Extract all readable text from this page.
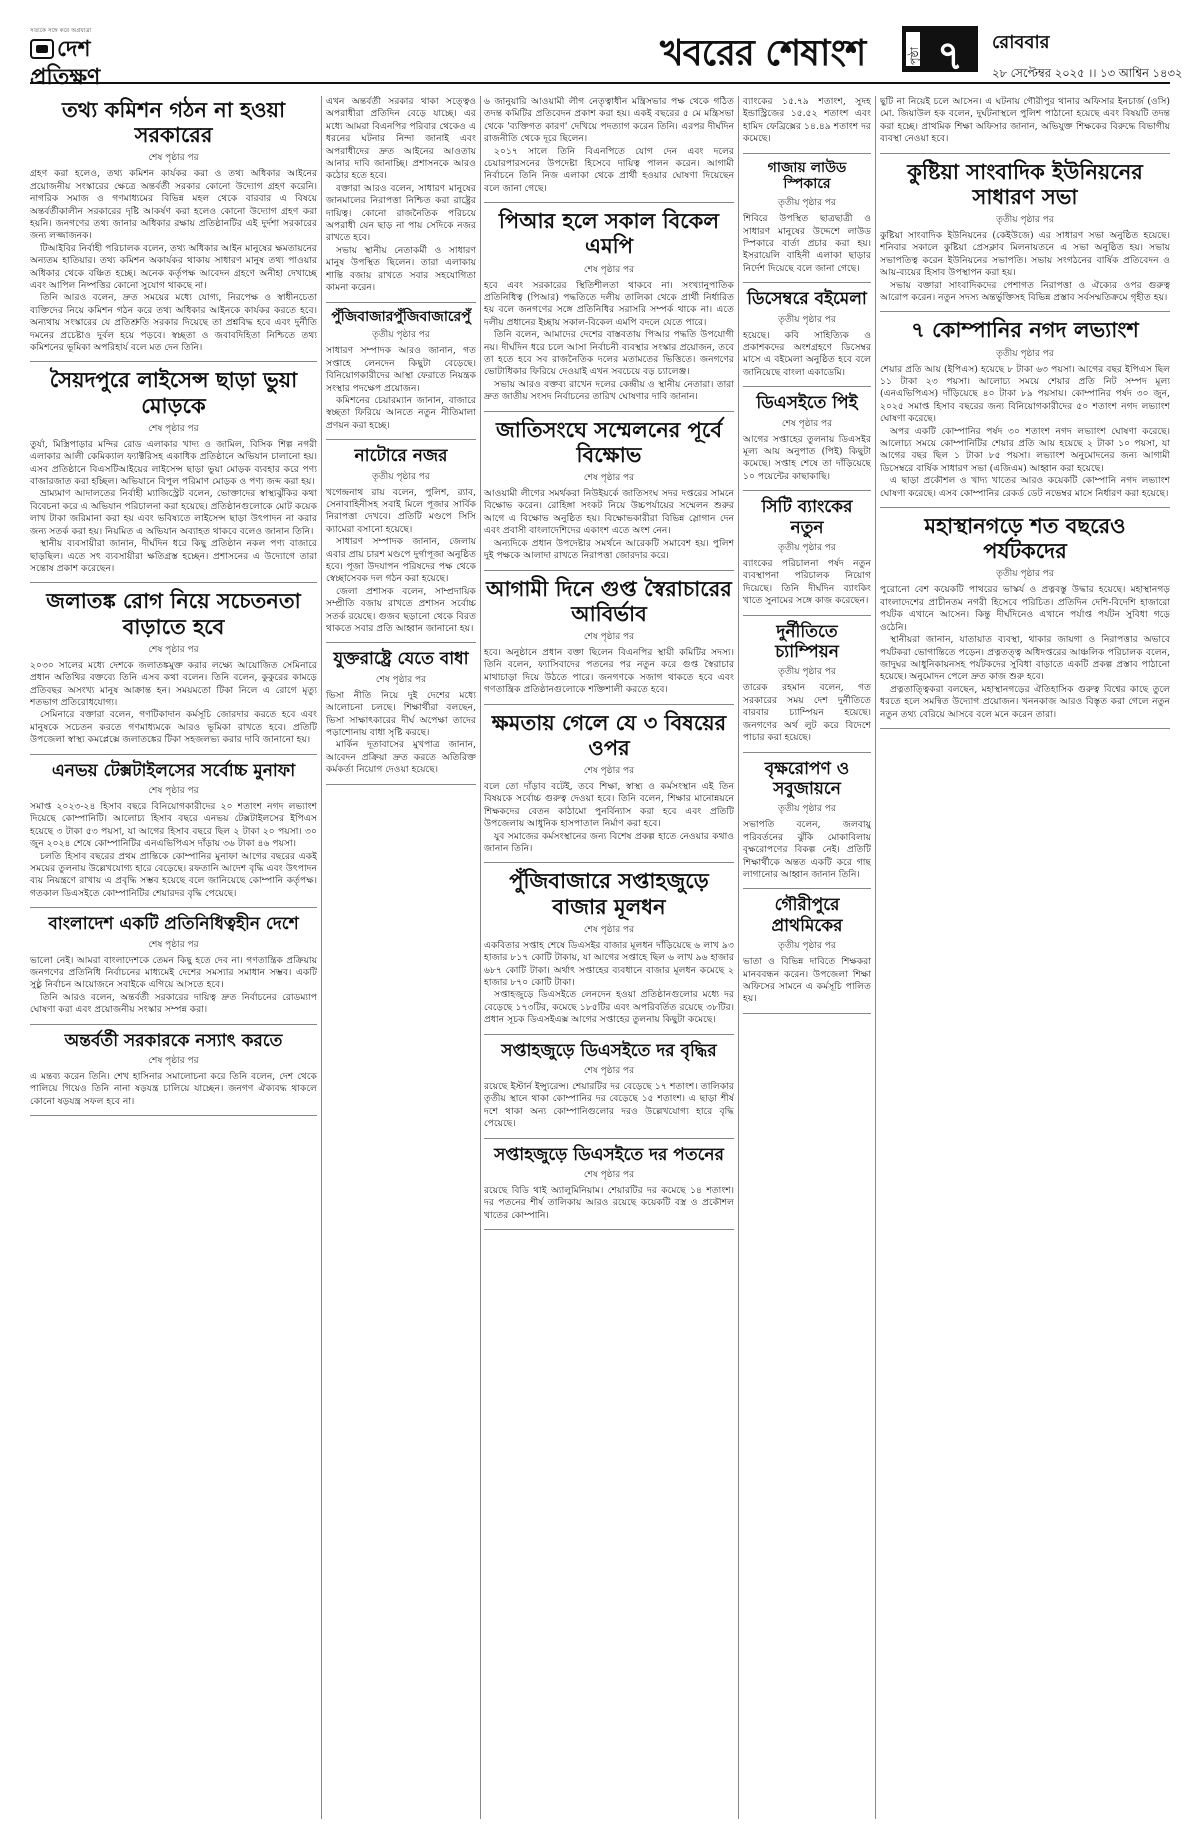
সত্যকে সঙ্গে করে অগ্রযাত্রা
দেশ প্রতিক্ষণ
খবরের শেষাংশ	পৃষ্ঠা ৭	রোববার
২৮ সেপ্টেম্বর ২০২৫ ।। ১৩ আশ্বিন ১৪৩২
তথ্য কমিশন গঠন না হওয়া সরকারের
শেষ পৃষ্ঠার পর

গ্রহণ করা হলেও, তথ্য কমিশন কার্যকর করা ও তথ্য অধিকার আইনের প্রয়োজনীয় সংস্কারের ক্ষেত্রে অন্তর্বর্তী সরকার কোনো উদ্যোগ গ্রহণ করেনি। নাগরিক সমাজ ও গণমাধ্যমের বিভিন্ন মহল থেকে বারবার এ বিষয়ে অন্তর্বর্তীকালীন সরকারের দৃষ্টি আকর্ষণ করা হলেও কোনো উদ্যোগ গ্রহণ করা হয়নি। জনগণের তথ্য জানার অধিকার রক্ষায় প্রতিষ্ঠানটির এই দুর্দশা সরকারের জন্য লজ্জাজনক।

টিআইবির নির্বাহী পরিচালক বলেন, তথ্য অধিকার আইন মানুষের ক্ষমতায়নের অন্যতম হাতিয়ার। তথ্য কমিশন অকার্যকর থাকায় সাধারণ মানুষ তথ্য পাওয়ার অধিকার থেকে বঞ্চিত হচ্ছে। অনেক কর্তৃপক্ষ আবেদন গ্রহণে অনীহা দেখাচ্ছে এবং আপিল নিষ্পত্তির কোনো সুযোগ থাকছে না।

তিনি আরও বলেন, দ্রুত সময়ের মধ্যে যোগ্য, নিরপেক্ষ ও স্বাধীনচেতা ব্যক্তিদের নিয়ে কমিশন গঠন করে তথ্য অধিকার আইনকে কার্যকর করতে হবে। অন্যথায় সংস্কারের যে প্রতিশ্রুতি সরকার দিয়েছে তা প্রশ্নবিদ্ধ হবে এবং দুর্নীতি দমনের প্রচেষ্টাও দুর্বল হয়ে পড়বে। স্বচ্ছতা ও জবাবদিহিতা নিশ্চিতে তথ্য কমিশনের ভূমিকা অপরিহার্য বলে মত দেন তিনি।

সৈয়দপুরে লাইসেন্স ছাড়া ভুয়া মোড়কে
শেষ পৃষ্ঠার পর

তুর্যা, মিস্ত্রিপাড়ার মন্দির রোড এলাকার খাদ্য ও জামিল, বিসিক শিল্প নগরী এলাকার আলী কেমিক্যাল ফ্যাক্টরিসহ একাধিক প্রতিষ্ঠানে অভিযান চালানো হয়। এসব প্রতিষ্ঠানে বিএসটিআইয়ের লাইসেন্স ছাড়া ভুয়া মোড়ক ব্যবহার করে পণ্য বাজারজাত করা হচ্ছিল। অভিযানে বিপুল পরিমাণ মোড়ক ও পণ্য জব্দ করা হয়।

ভ্রাম্যমাণ আদালতের নির্বাহী ম্যাজিস্ট্রেট বলেন, ভোক্তাদের স্বাস্থ্যঝুঁকির কথা বিবেচনা করে এ অভিযান পরিচালনা করা হয়েছে। প্রতিষ্ঠানগুলোকে মোট কয়েক লাখ টাকা জরিমানা করা হয় এবং ভবিষ্যতে লাইসেন্স ছাড়া উৎপাদন না করার জন্য সতর্ক করা হয়। নিয়মিত এ অভিযান অব্যাহত থাকবে বলেও জানান তিনি।

স্থানীয় ব্যবসায়ীরা জানান, দীর্ঘদিন ধরে কিছু প্রতিষ্ঠান নকল পণ্য বাজারে ছাড়ছিল। এতে সৎ ব্যবসায়ীরা ক্ষতিগ্রস্ত হচ্ছেন। প্রশাসনের এ উদ্যোগে তারা সন্তোষ প্রকাশ করেছেন।

জলাতঙ্ক রোগ নিয়ে সচেতনতা বাড়াতে হবে
শেষ পৃষ্ঠার পর

২০৩০ সালের মধ্যে দেশকে জলাতঙ্কমুক্ত করার লক্ষ্যে আয়োজিত সেমিনারে প্রধান অতিথির বক্তব্যে তিনি এসব কথা বলেন। তিনি বলেন, কুকুরের কামড়ে প্রতিবছর অসংখ্য মানুষ আক্রান্ত হন। সময়মতো টিকা নিলে এ রোগে মৃত্যু শতভাগ প্রতিরোধযোগ্য।

সেমিনারে বক্তারা বলেন, গণটিকাদান কর্মসূচি জোরদার করতে হবে এবং মানুষকে সচেতন করতে গণমাধ্যমকে আরও ভূমিকা রাখতে হবে। প্রতিটি উপজেলা স্বাস্থ্য কমপ্লেক্সে জলাতঙ্কের টিকা সহজলভ্য করার দাবি জানানো হয়।

এনভয় টেক্সটাইলসের সর্বোচ্চ মুনাফা
শেষ পৃষ্ঠার পর

সমাপ্ত ২০২৩-২৪ হিসাব বছরে বিনিয়োগকারীদের ২০ শতাংশ নগদ লভ্যাংশ দিয়েছে কোম্পানিটি। আলোচ্য হিসাব বছরে এনভয় টেক্সটাইলসের ইপিএস হয়েছে ৩ টাকা ৫৩ পয়সা, যা আগের হিসাব বছরে ছিল ২ টাকা ২০ পয়সা। ৩০ জুন ২০২৪ শেষে কোম্পানিটির এনএভিপিএস দাঁড়ায় ৩৬ টাকা ৪৬ পয়সা।

চলতি হিসাব বছরের প্রথম প্রান্তিকে কোম্পানির মুনাফা আগের বছরের একই সময়ের তুলনায় উল্লেখযোগ্য হারে বেড়েছে। রফতানি আদেশ বৃদ্ধি এবং উৎপাদন ব্যয় নিয়ন্ত্রণে রাখায় এ প্রবৃদ্ধি সম্ভব হয়েছে বলে জানিয়েছে কোম্পানি কর্তৃপক্ষ। গতকাল ডিএসইতে কোম্পানিটির শেয়ারদর বৃদ্ধি পেয়েছে।

বাংলাদেশ একটি প্রতিনিধিত্বহীন দেশে
শেষ পৃষ্ঠার পর

ভালো নেই। আমরা বাংলাদেশকে তেমন কিছু হতে দেব না। গণতান্ত্রিক প্রক্রিয়ায় জনগণের প্রতিনিধি নির্বাচনের মাধ্যমেই দেশের সমস্যার সমাধান সম্ভব। একটি সুষ্ঠু নির্বাচন আয়োজনে সবাইকে এগিয়ে আসতে হবে।

তিনি আরও বলেন, অন্তর্বর্তী সরকারের দায়িত্ব দ্রুত নির্বাচনের রোডম্যাপ ঘোষণা করা এবং প্রয়োজনীয় সংস্কার সম্পন্ন করা।

অন্তর্বর্তী সরকারকে নস্যাৎ করতে
শেষ পৃষ্ঠার পর

এ মন্তব্য করেন তিনি। শেখ হাসিনার সমালোচনা করে তিনি বলেন, দেশ থেকে পালিয়ে গিয়েও তিনি নানা ষড়যন্ত্র চালিয়ে যাচ্ছেন। জনগণ ঐক্যবদ্ধ থাকলে কোনো ষড়যন্ত্র সফল হবে না।

এখন অন্তর্বর্তী সরকার থাকা সত্ত্বেও অপরাধীরা প্রতিদিন বেড়ে যাচ্ছে। এর মধ্যে আমরা বিএনপির পরিবার থেকেও এ ধরনের ঘটনার নিন্দা জানাই এবং অপরাধীদের দ্রুত আইনের আওতায় আনার দাবি জানাচ্ছি। প্রশাসনকে আরও কঠোর হতে হবে।

বক্তারা আরও বলেন, সাধারণ মানুষের জানমালের নিরাপত্তা নিশ্চিত করা রাষ্ট্রের দায়িত্ব। কোনো রাজনৈতিক পরিচয়ে অপরাধী যেন ছাড় না পায় সেদিকে নজর রাখতে হবে।

সভায় স্থানীয় নেতাকর্মী ও সাধারণ মানুষ উপস্থিত ছিলেন। তারা এলাকায় শান্তি বজায় রাখতে সবার সহযোগিতা কামনা করেন।

পুঁজিবাজারপুঁজিবাজারেপুঁ
তৃতীয় পৃষ্ঠার পর

সাধারণ সম্পাদক আরও জানান, গত সপ্তাহে লেনদেন কিছুটা বেড়েছে। বিনিয়োগকারীদের আস্থা ফেরাতে নিয়ন্ত্রক সংস্থার পদক্ষেপ প্রয়োজন।

কমিশনের চেয়ারম্যান জানান, বাজারে স্বচ্ছতা ফিরিয়ে আনতে নতুন নীতিমালা প্রণয়ন করা হচ্ছে।

নাটোরে নজর
তৃতীয় পৃষ্ঠার পর

খগেন্দ্রনাথ রায় বলেন, পুলিশ, র‍্যাব, সেনাবাহিনীসহ সবাই মিলে পূজার সার্বিক নিরাপত্তা দেখবে। প্রতিটি মণ্ডপে সিসি ক্যামেরা বসানো হয়েছে।

সাধারণ সম্পাদক জানান, জেলায় এবার প্রায় চারশ মণ্ডপে দুর্গাপূজা অনুষ্ঠিত হবে। পূজা উদযাপন পরিষদের পক্ষ থেকে স্বেচ্ছাসেবক দল গঠন করা হয়েছে।

জেলা প্রশাসক বলেন, সাম্প্রদায়িক সম্প্রীতি বজায় রাখতে প্রশাসন সর্বোচ্চ সতর্ক রয়েছে। গুজব ছড়ানো থেকে বিরত থাকতে সবার প্রতি আহ্বান জানানো হয়।

যুক্তরাষ্ট্রে যেতে বাধা
শেষ পৃষ্ঠার পর

ভিসা নীতি নিয়ে দুই দেশের মধ্যে আলোচনা চলছে। শিক্ষার্থীরা বলছেন, ভিসা সাক্ষাৎকারের দীর্ঘ অপেক্ষা তাদের পড়াশোনায় বাধা সৃষ্টি করছে।

মার্কিন দূতাবাসের মুখপাত্র জানান, আবেদন প্রক্রিয়া দ্রুত করতে অতিরিক্ত কর্মকর্তা নিয়োগ দেওয়া হয়েছে।

৬ জানুয়ারি আওয়ামী লীগ নেতৃত্বাধীন মন্ত্রিসভার পক্ষ থেকে গঠিত তদন্ত কমিটির প্রতিবেদন প্রকাশ করা হয়। একই বছরের ৫ মে মন্ত্রিসভা থেকে 'ব্যক্তিগত কারণ' দেখিয়ে পদত্যাগ করেন তিনি। এরপর দীর্ঘদিন রাজনীতি থেকে দূরে ছিলেন।

২০১৭ সালে তিনি বিএনপিতে যোগ দেন এবং দলের চেয়ারপারসনের উপদেষ্টা হিসেবে দায়িত্ব পালন করেন। আগামী নির্বাচনে তিনি নিজ এলাকা থেকে প্রার্থী হওয়ার ঘোষণা দিয়েছেন বলে জানা গেছে।

পিআর হলে সকাল বিকেল এমপি
শেষ পৃষ্ঠার পর

হবে এবং সরকারের স্থিতিশীলতা থাকবে না। সংখ্যানুপাতিক প্রতিনিধিত্ব (পিআর) পদ্ধতিতে দলীয় তালিকা থেকে প্রার্থী নির্ধারিত হয় বলে জনগণের সঙ্গে প্রতিনিধির সরাসরি সম্পর্ক থাকে না। এতে দলীয় প্রধানের ইচ্ছায় সকাল-বিকেল এমপি বদলে যেতে পারে।

তিনি বলেন, আমাদের দেশের বাস্তবতায় পিআর পদ্ধতি উপযোগী নয়। দীর্ঘদিন ধরে চলে আসা নির্বাচনী ব্যবস্থার সংস্কার প্রয়োজন, তবে তা হতে হবে সব রাজনৈতিক দলের মতামতের ভিত্তিতে। জনগণের ভোটাধিকার ফিরিয়ে দেওয়াই এখন সবচেয়ে বড় চ্যালেঞ্জ।

সভায় আরও বক্তব্য রাখেন দলের কেন্দ্রীয় ও স্থানীয় নেতারা। তারা দ্রুত জাতীয় সংসদ নির্বাচনের তারিখ ঘোষণার দাবি জানান।

জাতিসংঘে সম্মেলনের পূর্বে বিক্ষোভ
শেষ পৃষ্ঠার পর

আওয়ামী লীগের সমর্থকরা নিউইয়র্কে জাতিসংঘ সদর দপ্তরের সামনে বিক্ষোভ করেন। রোহিঙ্গা সংকট নিয়ে উচ্চপর্যায়ের সম্মেলন শুরুর আগে এ বিক্ষোভ অনুষ্ঠিত হয়। বিক্ষোভকারীরা বিভিন্ন স্লোগান দেন এবং প্রবাসী বাংলাদেশিদের একাংশ এতে অংশ নেন।

অন্যদিকে প্রধান উপদেষ্টার সমর্থনে আরেকটি সমাবেশ হয়। পুলিশ দুই পক্ষকে আলাদা রাখতে নিরাপত্তা জোরদার করে।

আগামী দিনে গুপ্ত স্বৈরাচারের আবির্ভাব
শেষ পৃষ্ঠার পর

হবে। অনুষ্ঠানে প্রধান বক্তা ছিলেন বিএনপির স্থায়ী কমিটির সদস্য। তিনি বলেন, ফ্যাসিবাদের পতনের পর নতুন করে গুপ্ত স্বৈরাচার মাথাচাড়া দিয়ে উঠতে পারে। জনগণকে সজাগ থাকতে হবে এবং গণতান্ত্রিক প্রতিষ্ঠানগুলোকে শক্তিশালী করতে হবে।

ক্ষমতায় গেলে যে ৩ বিষয়ের ওপর
শেষ পৃষ্ঠার পর

বলে তো দাঁড়াব বটেই, তবে শিক্ষা, স্বাস্থ্য ও কর্মসংস্থান এই তিন বিষয়কে সর্বোচ্চ গুরুত্ব দেওয়া হবে। তিনি বলেন, শিক্ষার মানোন্নয়নে শিক্ষকদের বেতন কাঠামো পুনর্বিন্যাস করা হবে এবং প্রতিটি উপজেলায় আধুনিক হাসপাতাল নির্মাণ করা হবে।

যুব সমাজের কর্মসংস্থানের জন্য বিশেষ প্রকল্প হাতে নেওয়ার কথাও জানান তিনি।

পুঁজিবাজারে সপ্তাহজুড়ে বাজার মূলধন
শেষ পৃষ্ঠার পর

একবিতার সপ্তাহ শেষে ডিএসইর বাজার মূলধন দাঁড়িয়েছে ৬ লাখ ৯৩ হাজার ৮১৭ কোটি টাকায়, যা আগের সপ্তাহে ছিল ৬ লাখ ৯৬ হাজার ৬৮৭ কোটি টাকা। অর্থাৎ সপ্তাহের ব্যবধানে বাজার মূলধন কমেছে ২ হাজার ৮৭০ কোটি টাকা।

সপ্তাহজুড়ে ডিএসইতে লেনদেন হওয়া প্রতিষ্ঠানগুলোর মধ্যে দর বেড়েছে ১৭৩টির, কমেছে ১৮৫টির এবং অপরিবর্তিত রয়েছে ৩৮টির। প্রধান সূচক ডিএসইএক্স আগের সপ্তাহের তুলনায় কিছুটা কমেছে।

সপ্তাহজুড়ে ডিএসইতে দর বৃদ্ধির
শেষ পৃষ্ঠার পর

রয়েছে ইস্টার্ন ইন্স্যুরেন্স। শেয়ারটির দর বেড়েছে ১৭ শতাংশ। তালিকার তৃতীয় স্থানে থাকা কোম্পানির দর বেড়েছে ১৫ শতাংশ। এ ছাড়া শীর্ষ দশে থাকা অন্য কোম্পানিগুলোর দরও উল্লেখযোগ্য হারে বৃদ্ধি পেয়েছে।

সপ্তাহজুড়ে ডিএসইতে দর পতনের
শেষ পৃষ্ঠার পর

রয়েছে বিডি থাই অ্যালুমিনিয়াম। শেয়ারটির দর কমেছে ১৪ শতাংশ। দর পতনের শীর্ষ তালিকায় আরও রয়েছে কয়েকটি বস্ত্র ও প্রকৌশল খাতের কোম্পানি।

ব্যাংকের ১৫.৭৯ শতাংশ, সুদহ ইন্ডাস্ট্রিজের ১৫.৫২ শতাংশ এবং হামিদ ফেব্রিক্সের ১৪.৪৯ শতাংশ দর কমেছে।

গাজায় লাউড স্পিকারে
তৃতীয় পৃষ্ঠার পর

শিবিরে উপস্থিত ছাত্রছাত্রী ও সাধারণ মানুষের উদ্দেশে লাউড স্পিকারে বার্তা প্রচার করা হয়। ইসরায়েলি বাহিনী এলাকা ছাড়ার নির্দেশ দিয়েছে বলে জানা গেছে।

ডিসেম্বরে বইমেলা
তৃতীয় পৃষ্ঠার পর

হয়েছে। কবি সাহিত্যিক ও প্রকাশকদের অংশগ্রহণে ডিসেম্বর মাসে এ বইমেলা অনুষ্ঠিত হবে বলে জানিয়েছে বাংলা একাডেমি।

ডিএসইতে পিই
শেষ পৃষ্ঠার পর

আগের সপ্তাহের তুলনায় ডিএসইর মূল্য আয় অনুপাত (পিই) কিছুটা কমেছে। সপ্তাহ শেষে তা দাঁড়িয়েছে ১০ পয়েন্টের কাছাকাছি।

সিটি ব্যাংকের নতুন
তৃতীয় পৃষ্ঠার পর

ব্যাংকের পরিচালনা পর্ষদ নতুন ব্যবস্থাপনা পরিচালক নিয়োগ দিয়েছে। তিনি দীর্ঘদিন ব্যাংকিং খাতে সুনামের সঙ্গে কাজ করেছেন।

দুর্নীতিতে চ্যাম্পিয়ন
তৃতীয় পৃষ্ঠার পর

তারেক রহমান বলেন, গত সরকারের সময় দেশ দুর্নীতিতে বারবার চ্যাম্পিয়ন হয়েছে। জনগণের অর্থ লুট করে বিদেশে পাচার করা হয়েছে।

বৃক্ষরোপণ ও সবুজায়নে
তৃতীয় পৃষ্ঠার পর

সভাপতি বলেন, জলবায়ু পরিবর্তনের ঝুঁকি মোকাবিলায় বৃক্ষরোপণের বিকল্প নেই। প্রতিটি শিক্ষার্থীকে অন্তত একটি করে গাছ লাগানোর আহ্বান জানান তিনি।

গৌরীপুরে প্রাথমিকের
তৃতীয় পৃষ্ঠার পর

ভাতা ও বিভিন্ন দাবিতে শিক্ষকরা মানববন্ধন করেন। উপজেলা শিক্ষা অফিসের সামনে এ কর্মসূচি পালিত হয়।

ছুটি না নিয়েই চলে আসেন। এ ঘটনায় গৌরীপুর থানার অফিসার ইনচার্জ (ওসি) মো. জিয়াউল হক বলেন, দুর্ঘটনাস্থলে পুলিশ পাঠানো হয়েছে এবং বিষয়টি তদন্ত করা হচ্ছে। প্রাথমিক শিক্ষা অফিসার জানান, অভিযুক্ত শিক্ষকের বিরুদ্ধে বিভাগীয় ব্যবস্থা নেওয়া হবে।

কুষ্টিয়া সাংবাদিক ইউনিয়নের সাধারণ সভা
তৃতীয় পৃষ্ঠার পর

কুষ্টিয়া সাংবাদিক ইউনিয়নের (কেইউজে) এর সাধারণ সভা অনুষ্ঠিত হয়েছে। শনিবার সকালে কুষ্টিয়া প্রেসক্লাব মিলনায়তনে এ সভা অনুষ্ঠিত হয়। সভায় সভাপতিত্ব করেন ইউনিয়নের সভাপতি। সভায় সংগঠনের বার্ষিক প্রতিবেদন ও আয়-ব্যয়ের হিসাব উপস্থাপন করা হয়।

সভায় বক্তারা সাংবাদিকদের পেশাগত নিরাপত্তা ও ঐক্যের ওপর গুরুত্ব আরোপ করেন। নতুন সদস্য অন্তর্ভুক্তিসহ বিভিন্ন প্রস্তাব সর্বসম্মতিক্রমে গৃহীত হয়।

৭ কোম্পানির নগদ লভ্যাংশ
তৃতীয় পৃষ্ঠার পর

শেয়ার প্রতি আয় (ইপিএস) হয়েছে ৮ টাকা ৬৩ পয়সা। আগের বছর ইপিএস ছিল ১১ টাকা ২৩ পয়সা। আলোচ্য সময়ে শেয়ার প্রতি নিট সম্পদ মূল্য (এনএভিপিএস) দাঁড়িয়েছে ৪০ টাকা ৮৯ পয়সায়। কোম্পানির পর্ষদ ৩০ জুন, ২০২৫ সমাপ্ত হিসাব বছরের জন্য বিনিয়োগকারীদের ৫০ শতাংশ নগদ লভ্যাংশ ঘোষণা করেছে।

অপর একটি কোম্পানির পর্ষদ ৩০ শতাংশ নগদ লভ্যাংশ ঘোষণা করেছে। আলোচ্য সময়ে কোম্পানিটির শেয়ার প্রতি আয় হয়েছে ২ টাকা ১০ পয়সা, যা আগের বছর ছিল ১ টাকা ৮৫ পয়সা। লভ্যাংশ অনুমোদনের জন্য আগামী ডিসেম্বরে বার্ষিক সাধারণ সভা (এজিএম) আহ্বান করা হয়েছে।

এ ছাড়া প্রকৌশল ও খাদ্য খাতের আরও কয়েকটি কোম্পানি নগদ লভ্যাংশ ঘোষণা করেছে। এসব কোম্পানির রেকর্ড ডেট নভেম্বর মাসে নির্ধারণ করা হয়েছে।

মহাস্থানগড়ে শত বছরেও পর্যটকদের
তৃতীয় পৃষ্ঠার পর

পুরোনো বেশ কয়েকটি পাথরের ভাস্কর্য ও প্রত্নবস্তু উদ্ধার হয়েছে। মহাস্থানগড় বাংলাদেশের প্রাচীনতম নগরী হিসেবে পরিচিত। প্রতিদিন দেশি-বিদেশি হাজারো পর্যটক এখানে আসেন। কিন্তু দীর্ঘদিনেও এখানে পর্যাপ্ত পর্যটন সুবিধা গড়ে ওঠেনি।

স্থানীয়রা জানান, যাতায়াত ব্যবস্থা, থাকার জায়গা ও নিরাপত্তার অভাবে পর্যটকরা ভোগান্তিতে পড়েন। প্রত্নতত্ত্ব অধিদপ্তরের আঞ্চলিক পরিচালক বলেন, জাদুঘর আধুনিকায়নসহ পর্যটকদের সুবিধা বাড়াতে একটি প্রকল্প প্রস্তাব পাঠানো হয়েছে। অনুমোদন পেলে দ্রুত কাজ শুরু হবে।

প্রত্নতাত্ত্বিকরা বলছেন, মহাস্থানগড়ের ঐতিহাসিক গুরুত্ব বিশ্বের কাছে তুলে ধরতে হলে সমন্বিত উদ্যোগ প্রয়োজন। খননকাজ আরও বিস্তৃত করা গেলে নতুন নতুন তথ্য বেরিয়ে আসবে বলে মনে করেন তারা।
